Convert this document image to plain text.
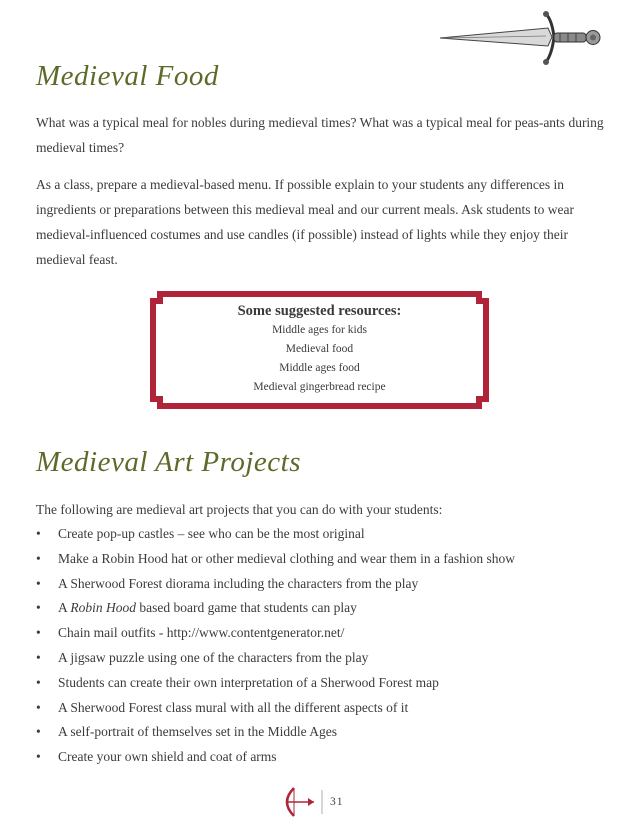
Medieval Food

What was a typical meal for nobles during medieval times? What was a typical meal for peas-ants during medieval times?

As a class, prepare a medieval-based menu. If possible explain to your students any differences in ingredients or preparations between this medieval meal and our current meals. Ask students to wear medieval-influenced costumes and use candles (if possible) instead of lights while they enjoy their medieval feast.

Some suggested resources:
Middle ages for kids
Medieval food
Middle ages food
Medieval gingerbread recipe
Medieval Art Projects

The following are medieval art projects that you can do with your students:

• Create pop-up castles – see who can be the most original
• Make a Robin Hood hat or other medieval clothing and wear them in a fashion show
• A Sherwood Forest diorama including the characters from the play
• A Robin Hood based board game that students can play
• Chain mail outfits - http://www.contentgenerator.net/
• A jigsaw puzzle using one of the characters from the play
• Students can create their own interpretation of a Sherwood Forest map
• A Sherwood Forest class mural with all the different aspects of it
• A self-portrait of themselves set in the Middle Ages
• Create your own shield and coat of arms
31
